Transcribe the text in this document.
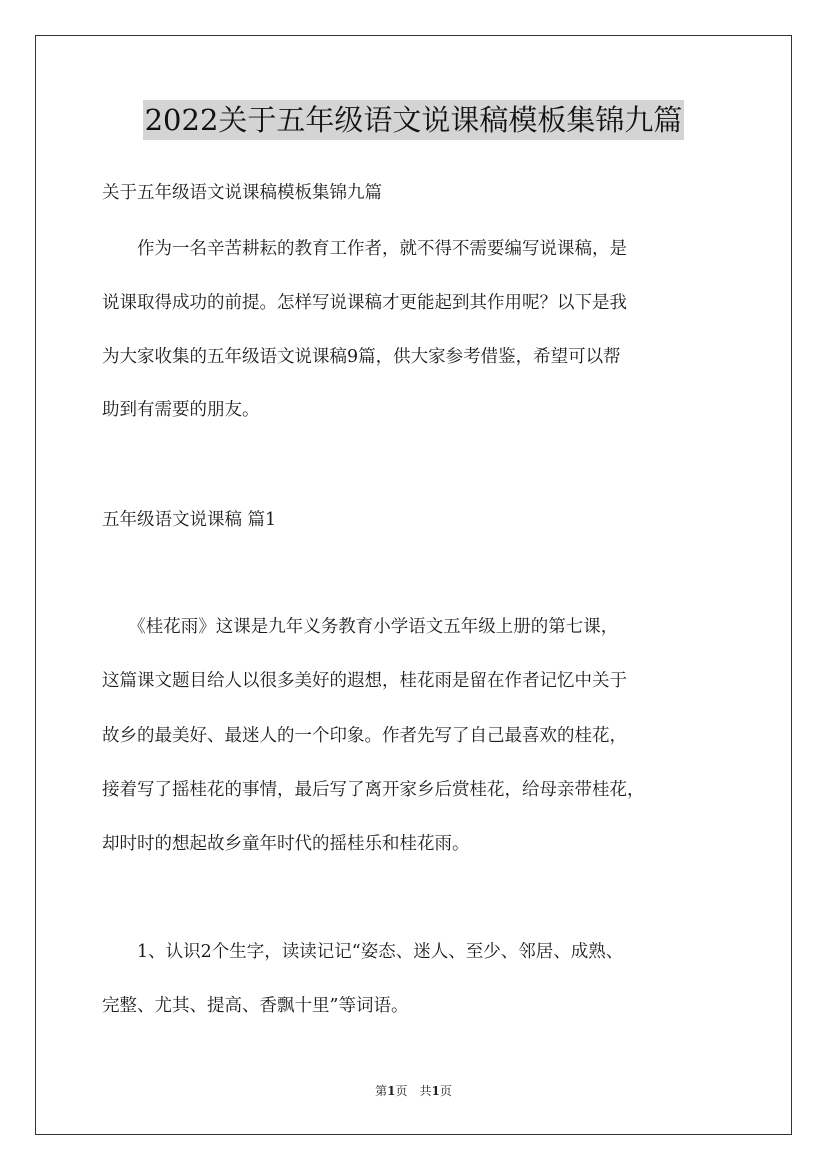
2022关于五年级语文说课稿模板集锦九篇
关于五年级语文说课稿模板集锦九篇
　　作为一名辛苦耕耘的教育工作者，就不得不需要编写说课稿，是
说课取得成功的前提。怎样写说课稿才更能起到其作用呢？以下是我
为大家收集的五年级语文说课稿9篇，供大家参考借鉴，希望可以帮
助到有需要的朋友。
五年级语文说课稿 篇1
　　《桂花雨》这课是九年义务教育小学语文五年级上册的第七课，
这篇课文题目给人以很多美好的遐想，桂花雨是留在作者记忆中关于
故乡的最美好、最迷人的一个印象。作者先写了自己最喜欢的桂花，
接着写了摇桂花的事情，最后写了离开家乡后赏桂花，给母亲带桂花，
却时时的想起故乡童年时代的摇桂乐和桂花雨。
　　1、认识2个生字，读读记记“姿态、迷人、至少、邻居、成熟、
完整、尤其、提高、香飘十里”等词语。
第1页　共1页
